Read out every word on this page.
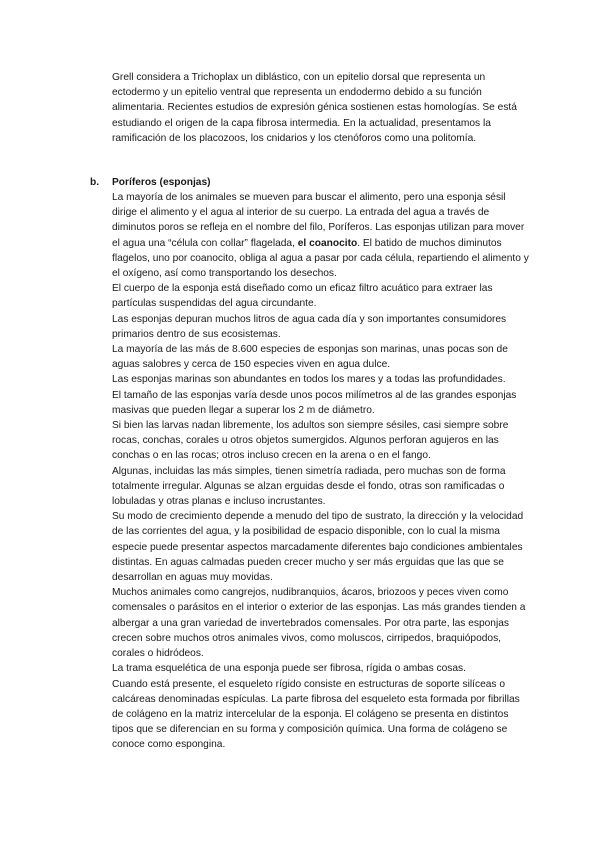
Grell considera a Trichoplax un diblástico, con un epitelio dorsal que representa un ectodermo y un epitelio ventral que representa un endodermo debido a su función alimentaria. Recientes estudios de expresión génica sostienen estas homologías. Se está estudiando el origen de la capa fibrosa intermedia. En la actualidad, presentamos la ramificación de los placozoos, los cnidarios y los ctenóforos como una politomía.

b. Poríferos (esponjas)

La mayoría de los animales se mueven para buscar el alimento, pero una esponja sésil dirige el alimento y el agua al interior de su cuerpo. La entrada del agua a través de diminutos poros se refleja en el nombre del filo, Poríferos. Las esponjas utilizan para mover el agua una “célula con collar” flagelada, el coanocito. El batido de muchos diminutos flagelos, uno por coanocito, obliga al agua a pasar por cada célula, repartiendo el alimento y el oxígeno, así como transportando los desechos.

El cuerpo de la esponja está diseñado como un eficaz filtro acuático para extraer las partículas suspendidas del agua circundante.

Las esponjas depuran muchos litros de agua cada día y son importantes consumidores primarios dentro de sus ecosistemas.

La mayoría de las más de 8.600 especies de esponjas son marinas, unas pocas son de aguas salobres y cerca de 150 especies viven en agua dulce.

Las esponjas marinas son abundantes en todos los mares y a todas las profundidades.

El tamaño de las esponjas varía desde unos pocos milímetros al de las grandes esponjas masivas que pueden llegar a superar los 2 m de diámetro.

Si bien las larvas nadan libremente, los adultos son siempre sésiles, casi siempre sobre rocas, conchas, corales u otros objetos sumergidos. Algunos perforan agujeros en las conchas o en las rocas; otros incluso crecen en la arena o en el fango.

Algunas, incluidas las más simples, tienen simetría radiada, pero muchas son de forma totalmente irregular. Algunas se alzan erguidas desde el fondo, otras son ramificadas o lobuladas y otras planas e incluso incrustantes.

Su modo de crecimiento depende a menudo del tipo de sustrato, la dirección y la velocidad de las corrientes del agua, y la posibilidad de espacio disponible, con lo cual la misma especie puede presentar aspectos marcadamente diferentes bajo condiciones ambientales distintas. En aguas calmadas pueden crecer mucho y ser más erguidas que las que se desarrollan en aguas muy movidas.

Muchos animales como cangrejos, nudibranquios, ácaros, briozoos y peces viven como comensales o parásitos en el interior o exterior de las esponjas. Las más grandes tienden a albergar a una gran variedad de invertebrados comensales. Por otra parte, las esponjas crecen sobre muchos otros animales vivos, como moluscos, cirripedos, braquiópodos, corales o hidródeos.

La trama esquelética de una esponja puede ser fibrosa, rígida o ambas cosas.

Cuando está presente, el esqueleto rígido consiste en estructuras de soporte silíceas o calcáreas denominadas espículas. La parte fibrosa del esqueleto esta formada por fibrillas de colágeno en la matriz intercelular de la esponja. El colágeno se presenta en distintos tipos que se diferencian en su forma y composición química. Una forma de colágeno se conoce como espongina.
